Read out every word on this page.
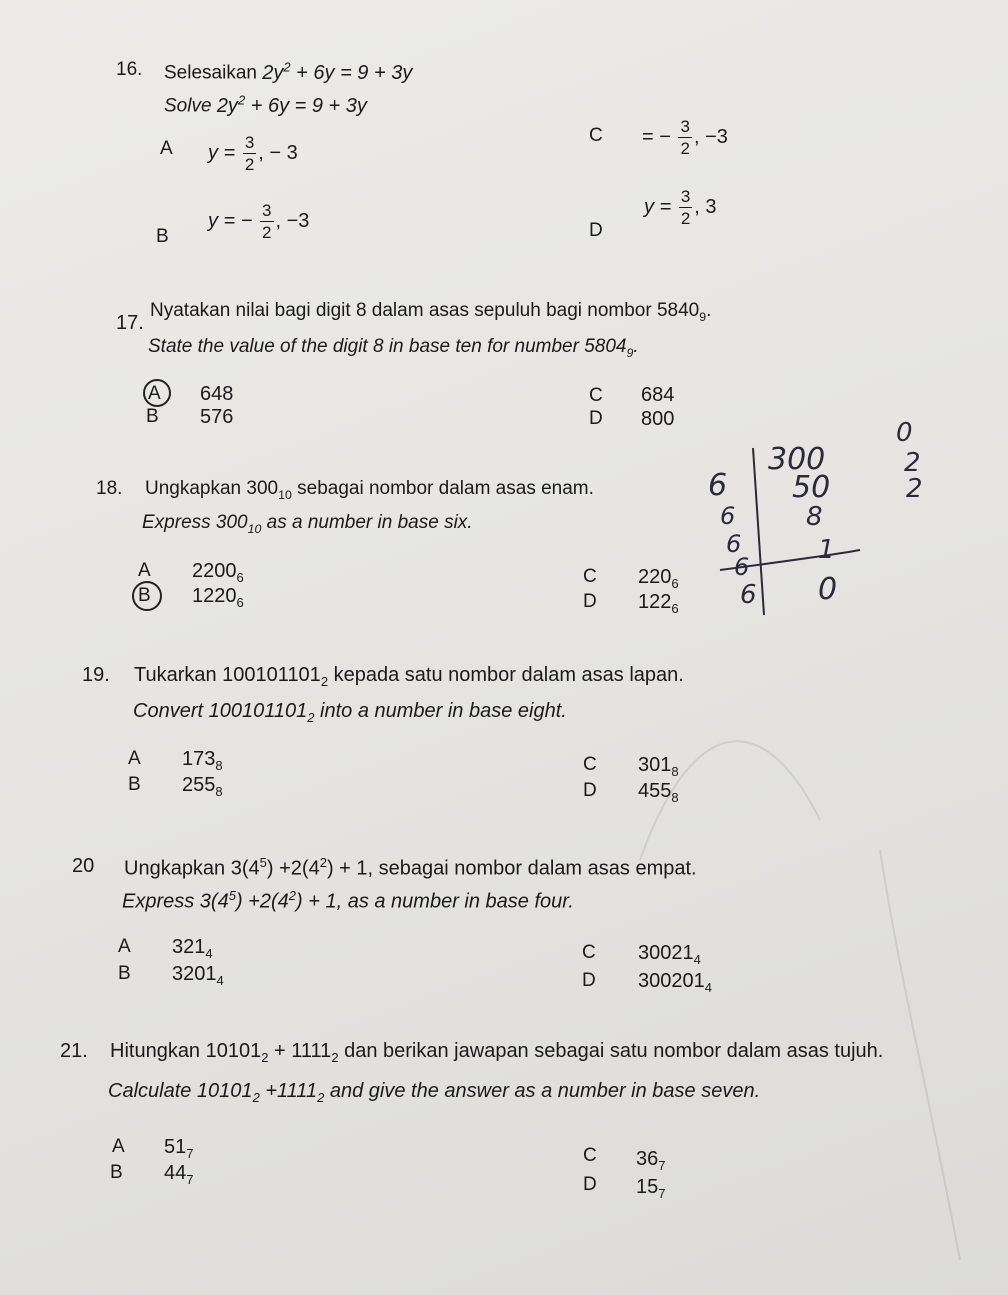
16. Selesaikan $2y^2 + 6y = 9 + 3y$
Solve $2y^2 + 6y = 9 + 3y$
A $y = \frac{3}{2}$ , − 3
C = − $\frac{3}{2}$ , −3
B
y = − $\frac{3}{2}$ , −3	D
$y = \frac{3}{2}$ , 3
17.
Nyatakan nilai bagi digit 8 dalam asas sepuluh bagi nombor $5840_9$.
State the value of the digit 8 in base ten for number $5804_9$.
A 648
B 576
C 684
D 800
18. Ungkapkan $300_{10}$ sebagai nombor dalam asas enam.
Express $300_{10}$ as a number in base six.
A $2200_6$
B $1220_6$
C $220_6$
D $122_6$
6
300
6
50
6
8
6
1
6 0
0
2
2
19. Tukarkan $100101101_2$ kepada satu nombor dalam asas lapan.
Convert $100101101_2$ into a number in base eight.
A $173_8$
B $255_8$
C $301_8$
D $455_8$
20 Ungkapkan $3(4^5) +2(4^2) + 1$, sebagai nombor dalam asas empat.
Express $3(4^5) +2(4^2) + 1$, as a number in base four.
A $321_4$
B $3201_4$
C $30021_4$
D $300201_4$
21. Hitungkan $10101_2 + 1111_2$ dan berikan jawapan sebagai satu nombor dalam asas tujuh.
Calculate $10101_2 +1111_2$ and give the answer as a number in base seven.
A $51_7$
B $44_7$
C $36_7$
D $15_7$
